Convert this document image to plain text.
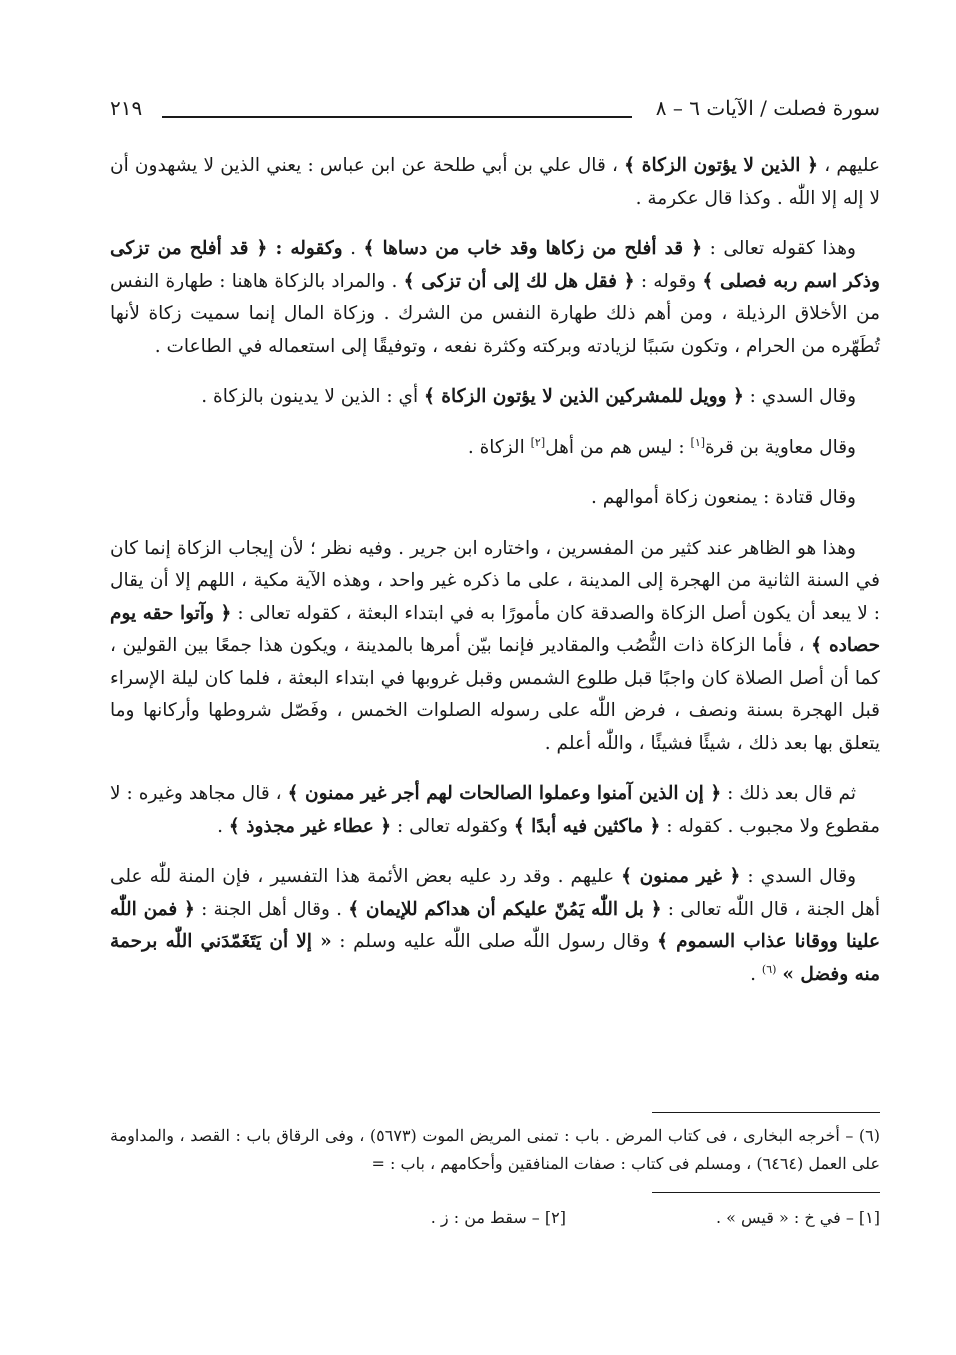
سورة فصلت / الآيات ٦ – ٨
٢١٩

عليهم ، ﴿ الذين لا يؤتون الزكاة ﴾ ، قال علي بن أبي طلحة عن ابن عباس : يعني الذين لا يشهدون أن لا إله إلا اللّٰه . وكذا قال عكرمة .

وهذا كقوله تعالى : ﴿ قد أفلح من زكاها وقد خاب من دساها ﴾ . وكقوله : ﴿ قد أفلح من تزكى وذكر اسم ربه فصلى ﴾ وقوله : ﴿ فقل هل لك إلى أن تزكى ﴾ . والمراد بالزكاة هاهنا : طهارة النفس من الأخلاق الرذيلة ، ومن أهم ذلك طهارة النفس من الشرك . وزكاة المال إنما سميت زكاة لأنها تُطَهّره من الحرام ، وتكون سَببًا لزيادته وبركته وكثرة نفعه ، وتوفيقًا إلى استعماله في الطاعات .

وقال السدي : ﴿ وويل للمشركين الذين لا يؤتون الزكاة ﴾ أي : الذين لا يدينون بالزكاة .

وقال معاوية بن قرة[١] : ليس هم من أهل[٢] الزكاة .

وقال قتادة : يمنعون زكاة أموالهم .

وهذا هو الظاهر عند كثير من المفسرين ، واختاره ابن جرير . وفيه نظر ؛ لأن إيجاب الزكاة إنما كان في السنة الثانية من الهجرة إلى المدينة ، على ما ذكره غير واحد ، وهذه الآية مكية ، اللهم إلا أن يقال : لا يبعد أن يكون أصل الزكاة والصدقة كان مأمورًا به في ابتداء البعثة ، كقوله تعالى : ﴿ وآتوا حقه يوم حصاده ﴾ ، فأما الزكاة ذات النُّصُب والمقادير فإنما بيّن أمرها بالمدينة ، ويكون هذا جمعًا بين القولين ، كما أن أصل الصلاة كان واجبًا قبل طلوع الشمس وقبل غروبها في ابتداء البعثة ، فلما كان ليلة الإسراء قبل الهجرة بسنة ونصف ، فرض اللّٰه على رسوله الصلوات الخمس ، وفَصّل شروطها وأركانها وما يتعلق بها بعد ذلك ، شيئًا فشيئًا ، واللّٰه أعلم .

ثم قال بعد ذلك : ﴿ إن الذين آمنوا وعملوا الصالحات لهم أجر غير ممنون ﴾ ، قال مجاهد وغيره : لا مقطوع ولا مجبوب . كقوله : ﴿ ماكثين فيه أبدًا ﴾ وكقوله تعالى : ﴿ عطاء غير مجذوذ ﴾ .

وقال السدي : ﴿ غير ممنون ﴾ عليهم . وقد رد عليه بعض الأئمة هذا التفسير ، فإن المنة للّٰه على أهل الجنة ، قال اللّٰه تعالى : ﴿ بل اللّٰه يَمُنّ عليكم أن هداكم للإيمان ﴾ . وقال أهل الجنة : ﴿ فمن اللّٰه علينا ووقانا عذاب السموم ﴾ وقال رسول اللّٰه صلى اللّٰه عليه وسلم : « إلا أن يَتَغَمّدَني اللّٰه برحمة منه وفضل » $^{(٦)}$ .

(٦) – أخرجه البخارى ، فى كتاب المرض . باب : تمنى المريض الموت (٥٦٧٣) ، وفى الرقاق باب : القصد ، والمداومة على العمل (٦٤٦٤) ، ومسلم فى كتاب : صفات المنافقين وأحكامهم ، باب : =
[١] – في خ : « قيس » .[٢] – سقط من : ز .
